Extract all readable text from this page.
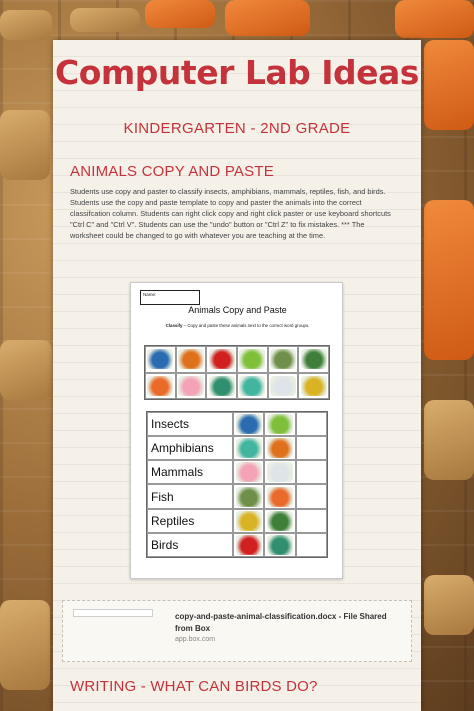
Computer Lab Ideas
KINDERGARTEN - 2ND GRADE
ANIMALS COPY AND PASTE
Students use copy and paster to classify insects, amphibians, mammals, reptiles, fish, and birds. Students use the copy and paste template to copy and paster the animals into the correct classifcation column. Students can right click copy and right click paster or use keyboard shortcuts "Ctrl C" and "Ctrl V". Students can use the "undo" button or "Ctrl Z" to fix mistakes. *** The worksheet could be changed to go with whatever you are teaching at the time.
Name:
Animals Copy and Paste
Classify – Copy and paste these animals next to the correct word groups.
Insects
Amphibians
Mammals
Fish
Reptiles
Birds
copy-and-paste-animal-classification.docx - File Shared from Box
app.box.com
WRITING - WHAT CAN BIRDS DO?
